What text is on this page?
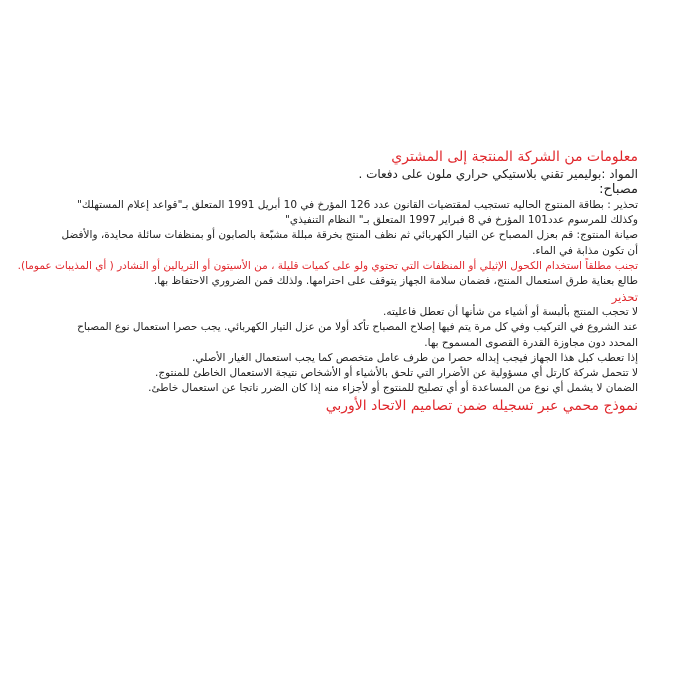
معلومات من الشركة المنتجة إلى المشتري
المواد :بوليمير تقني بلاستيكي حراري ملون على دفعات .
مصباح:
تحذير : بطاقة المنتوج الحاليه تستجيب لمقتضيات القانون عدد 126 المؤرخ في 10 أبريل 1991 المتعلق بـ"قواعد إعلام المستهلك"
وكذلك للمرسوم عدد101 المؤرخ في 8 فبراير 1997 المتعلق بـ" النظام التنفيذي"
صيانة المنتوج: قم بعزل المصباح عن التيار الكهربائي ثم نظف المنتج بخرقة مبللة مشبّعة بالصابون أو بمنظفات سائلة محايدة، والأفضل
أن تكون مذابة في الماء.
تجنب مطلقاً استخدام الكحول الإثيلي أو المنظفات التي تحتوي ولو على كميات قليلة ، من الأسيتون أو التريالين أو النشادر ( أي المذيبات عموما).
طالع بعناية طرق استعمال المنتج، فضمان سلامة الجهاز يتوقف على احترامها. ولذلك فمن الضروري الاحتفاظ بها.
تحذير
لا تحجب المنتج بألبسة أو أشياء من شأنها أن تعطل فاعليته.
عند الشروع في التركيب وفي كل مرة يتم فيها إصلاح المصباح تأكد أولا من عزل التيار الكهربائي. يجب حصرا استعمال نوع المصباح
المحدد دون مجاوزة القدرة القصوى المسموح بها.
إذا تعطب كبل هذا الجهاز فيجب إبداله حصرا من طرف عامل متخصص كما يجب استعمال الغيار الأصلي.
لا تتحمل شركة كارتل أي مسؤولية عن الأضرار التي تلحق بالأشياء أو الأشخاص نتيجة الاستعمال الخاطئ للمنتوج.
الضمان لا يشمل أي نوع من المساعدة أو أي تصليح للمنتوج أو لأجزاء منه إذا كان الضرر ناتجا عن استعمال خاطئ.
نموذج محمي عبر تسجيله ضمن تصاميم الاتحاد الأوربي
